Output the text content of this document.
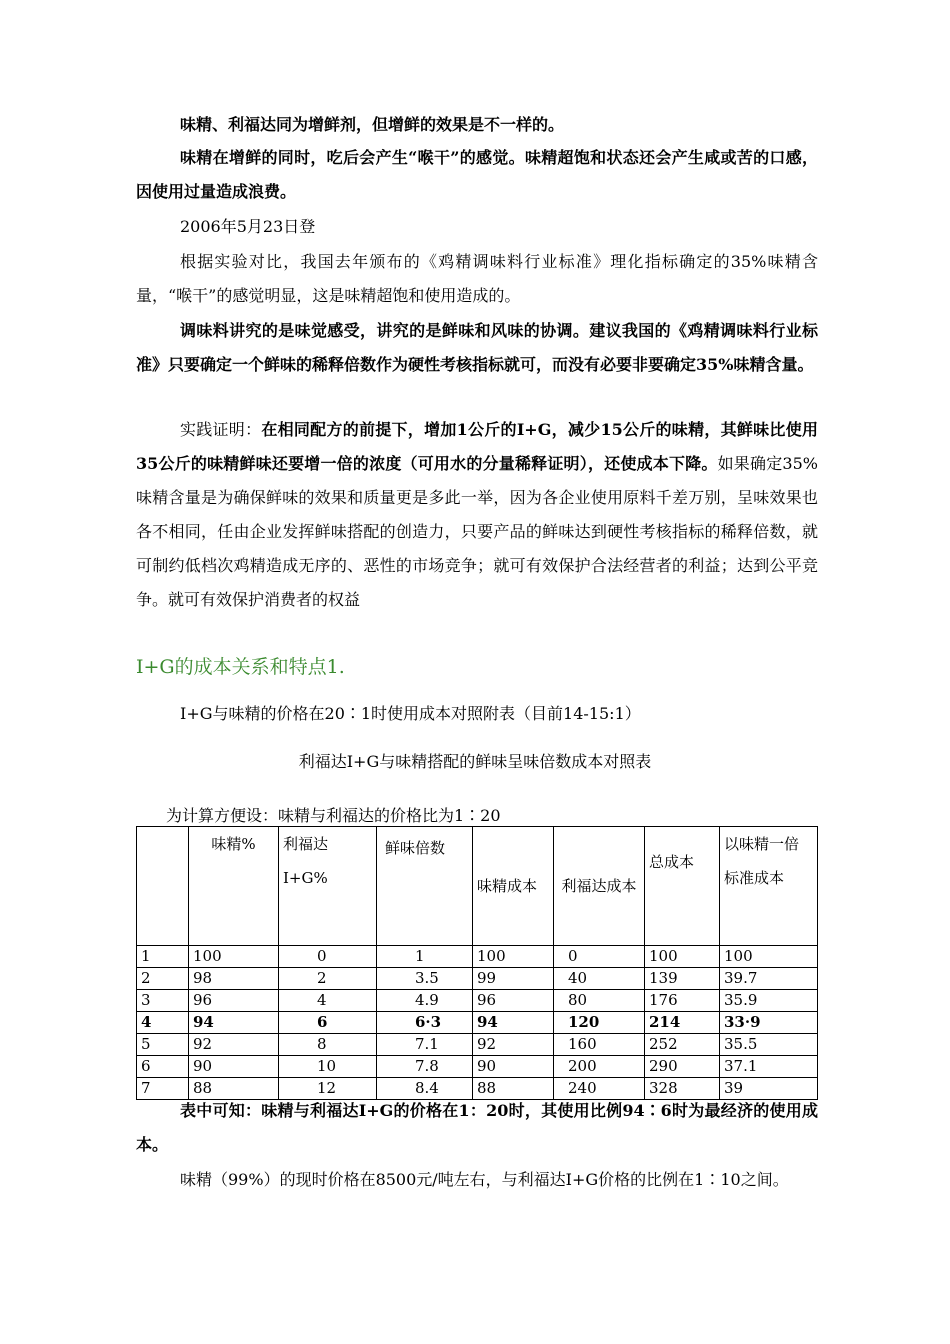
味精、利福达同为增鲜剂，但增鲜的效果是不一样的。

味精在增鲜的同时，吃后会产生“喉干”的感觉。味精超饱和状态还会产生咸或苦的口感，因使用过量造成浪费。

2006年5月23日登

根据实验对比，我国去年颁布的《鸡精调味料行业标准》理化指标确定的35%味精含量，“喉干”的感觉明显，这是味精超饱和使用造成的。

调味料讲究的是味觉感受，讲究的是鲜味和风味的协调。建议我国的《鸡精调味料行业标准》只要确定一个鲜味的稀释倍数作为硬性考核指标就可，而没有必要非要确定35%味精含量。

实践证明：在相同配方的前提下，增加1公斤的I+G，减少15公斤的味精，其鲜味比使用35公斤的味精鲜味还要增一倍的浓度（可用水的分量稀释证明），还使成本下降。如果确定35%味精含量是为确保鲜味的效果和质量更是多此一举，因为各企业使用原料千差万别，呈味效果也各不相同，任由企业发挥鲜味搭配的创造力，只要产品的鲜味达到硬性考核指标的稀释倍数，就可制约低档次鸡精造成无序的、恶性的市场竞争；就可有效保护合法经营者的利益；达到公平竞争。就可有效保护消费者的权益

I+G的成本关系和特点1.

I+G与味精的价格在20∶1时使用成本对照附表（目前14-15:1）

利福达I+G与味精搭配的鲜味呈味倍数成本对照表

为计算方便设：味精与利福达的价格比为1∶20

	味精%	利福达I+G%	鲜味倍数	味精成本	利福达成本	总成本	以味精一倍标准成本
1	100	0	1	100	0	100	100
2	98	2	3.5	99	40	139	39.7
3	96	4	4.9	96	80	176	35.9
4	94	6	6·3	94	120	214	33·9
5	92	8	7.1	92	160	252	35.5
6	90	10	7.8	90	200	290	37.1
7	88	12	8.4	88	240	328	39

表中可知：味精与利福达I+G的价格在1：20时，其使用比例94∶6时为最经济的使用成本。

味精（99%）的现时价格在8500元/吨左右，与利福达I+G价格的比例在1∶10之间。
